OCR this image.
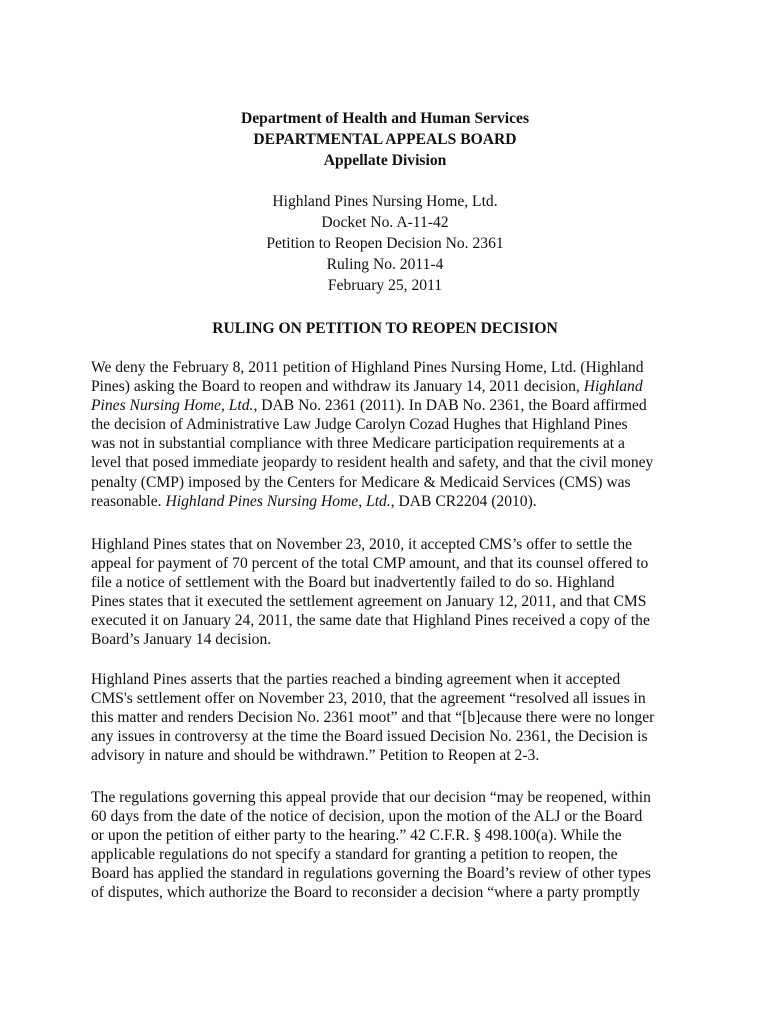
Department of Health and Human Services
DEPARTMENTAL APPEALS BOARD
Appellate Division
Highland Pines Nursing Home, Ltd.
Docket No. A-11-42
Petition to Reopen Decision No. 2361
Ruling No. 2011-4
February 25, 2011
RULING ON PETITION TO REOPEN DECISION
We deny the February 8, 2011 petition of Highland Pines Nursing Home, Ltd. (Highland
Pines) asking the Board to reopen and withdraw its January 14, 2011 decision, Highland
Pines Nursing Home, Ltd., DAB No. 2361 (2011). In DAB No. 2361, the Board affirmed
the decision of Administrative Law Judge Carolyn Cozad Hughes that Highland Pines
was not in substantial compliance with three Medicare participation requirements at a
level that posed immediate jeopardy to resident health and safety, and that the civil money
penalty (CMP) imposed by the Centers for Medicare & Medicaid Services (CMS) was
reasonable. Highland Pines Nursing Home, Ltd., DAB CR2204 (2010).
Highland Pines states that on November 23, 2010, it accepted CMS’s offer to settle the
appeal for payment of 70 percent of the total CMP amount, and that its counsel offered to
file a notice of settlement with the Board but inadvertently failed to do so. Highland
Pines states that it executed the settlement agreement on January 12, 2011, and that CMS
executed it on January 24, 2011, the same date that Highland Pines received a copy of the
Board’s January 14 decision.
Highland Pines asserts that the parties reached a binding agreement when it accepted
CMS's settlement offer on November 23, 2010, that the agreement “resolved all issues in
this matter and renders Decision No. 2361 moot” and that “[b]ecause there were no longer
any issues in controversy at the time the Board issued Decision No. 2361, the Decision is
advisory in nature and should be withdrawn.” Petition to Reopen at 2-3.
The regulations governing this appeal provide that our decision “may be reopened, within
60 days from the date of the notice of decision, upon the motion of the ALJ or the Board
or upon the petition of either party to the hearing.” 42 C.F.R. § 498.100(a). While the
applicable regulations do not specify a standard for granting a petition to reopen, the
Board has applied the standard in regulations governing the Board’s review of other types
of disputes, which authorize the Board to reconsider a decision “where a party promptly
